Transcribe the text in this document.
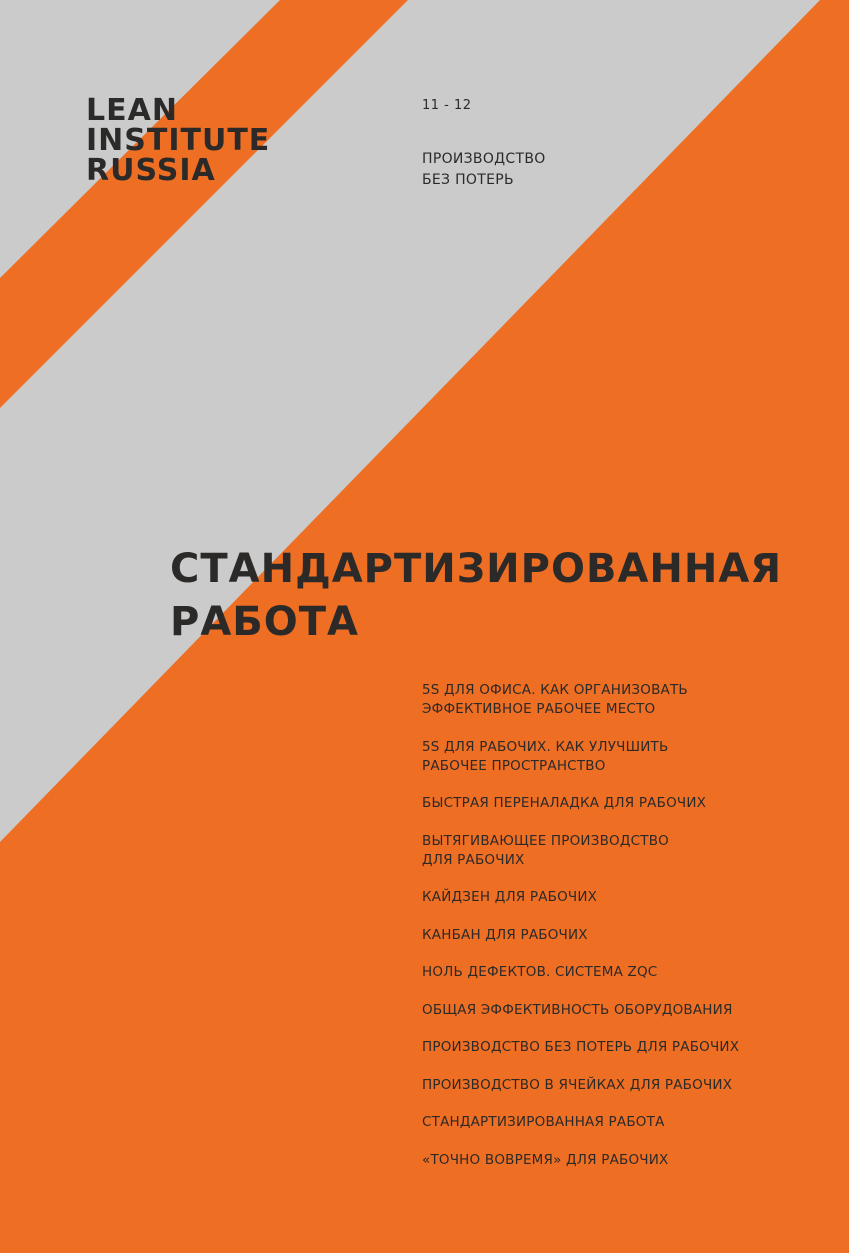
LEAN
INSTITUTE
RUSSIA
11 - 12
ПРОИЗВОДСТВО
БЕЗ ПОТЕРЬ
СТАНДАРТИЗИРОВАННАЯ
РАБОТА
5S ДЛЯ ОФИСА. КАК ОРГАНИЗОВАТЬ
ЭФФЕКТИВНОЕ РАБОЧЕЕ МЕСТО
5S ДЛЯ РАБОЧИХ. КАК УЛУЧШИТЬ
РАБОЧЕЕ ПРОСТРАНСТВО
БЫСТРАЯ ПЕРЕНАЛАДКА ДЛЯ РАБОЧИХ
ВЫТЯГИВАЮЩЕЕ ПРОИЗВОДСТВО
ДЛЯ РАБОЧИХ
КАЙДЗЕН ДЛЯ РАБОЧИХ
КАНБАН ДЛЯ РАБОЧИХ
НОЛЬ ДЕФЕКТОВ. СИСТЕМА ZQC
ОБЩАЯ ЭФФЕКТИВНОСТЬ ОБОРУДОВАНИЯ
ПРОИЗВОДСТВО БЕЗ ПОТЕРЬ ДЛЯ РАБОЧИХ
ПРОИЗВОДСТВО В ЯЧЕЙКАХ ДЛЯ РАБОЧИХ
СТАНДАРТИЗИРОВАННАЯ РАБОТА
«ТОЧНО ВОВРЕМЯ» ДЛЯ РАБОЧИХ
